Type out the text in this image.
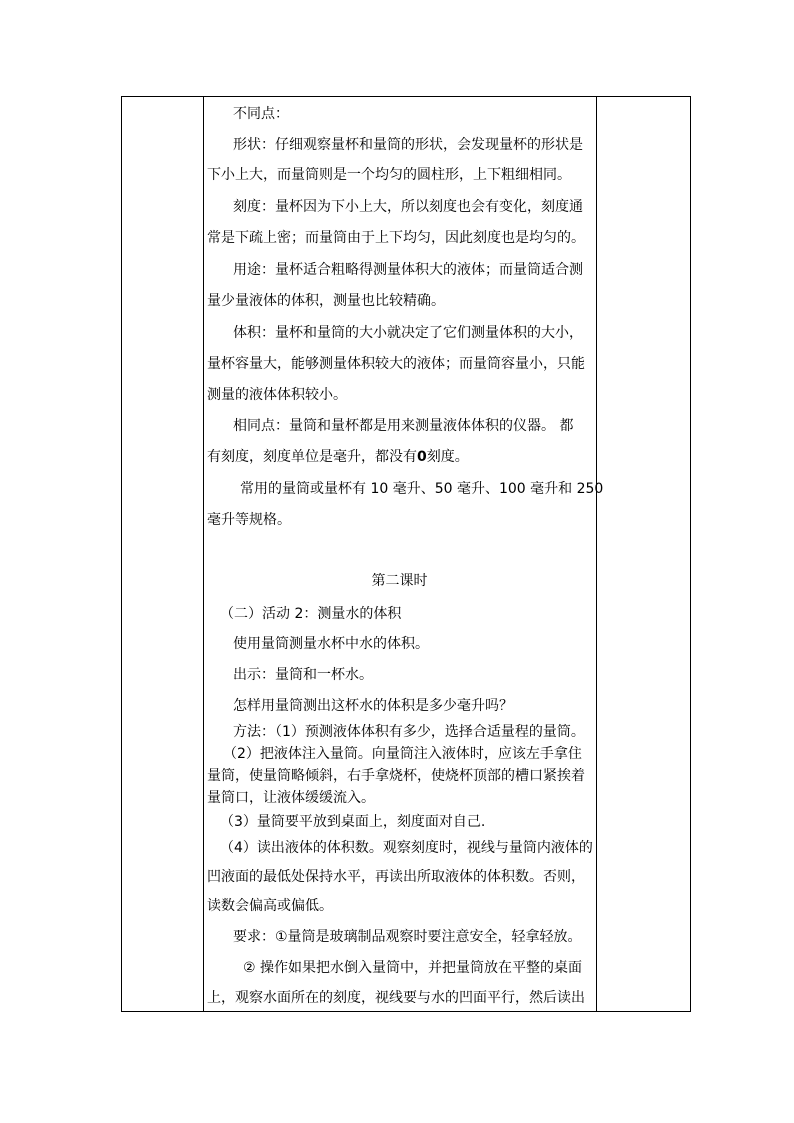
不同点：
形状：仔细观察量杯和量筒的形状，会发现量杯的形状是
下小上大，而量筒则是一个均匀的圆柱形，上下粗细相同。
刻度：量杯因为下小上大，所以刻度也会有变化，刻度通
常是下疏上密；而量筒由于上下均匀，因此刻度也是均匀的。
用途：量杯适合粗略得测量体积大的液体；而量筒适合测
量少量液体的体积，测量也比较精确。
体积：量杯和量筒的大小就决定了它们测量体积的大小，
量杯容量大，能够测量体积较大的液体；而量筒容量小，只能
测量的液体体积较小。
相同点：量筒和量杯都是用来测量液体体积的仪器。 都
有刻度，刻度单位是毫升，都没有0刻度。
常用的量筒或量杯有 10 毫升、50 毫升、100 毫升和 250
毫升等规格。
第二课时
（二）活动 2：测量水的体积
使用量筒测量水杯中水的体积。
出示：量筒和一杯水。
怎样用量筒测出这杯水的体积是多少毫升吗？
方法：（1）预测液体体积有多少，选择合适量程的量筒。
（2）把液体注入量筒。向量筒注入液体时，应该左手拿住
量筒，使量筒略倾斜，右手拿烧杯，使烧杯顶部的槽口紧挨着
量筒口，让液体缓缓流入。
（3）量筒要平放到桌面上，刻度面对自己.
（4）读出液体的体积数。观察刻度时，视线与量筒内液体的
凹液面的最低处保持水平，再读出所取液体的体积数。否则，
读数会偏高或偏低。
要求：①量筒是玻璃制品观察时要注意安全，轻拿轻放。
② 操作如果把水倒入量筒中，并把量筒放在平整的桌面
上，观察水面所在的刻度，视线要与水的凹面平行，然后读出
